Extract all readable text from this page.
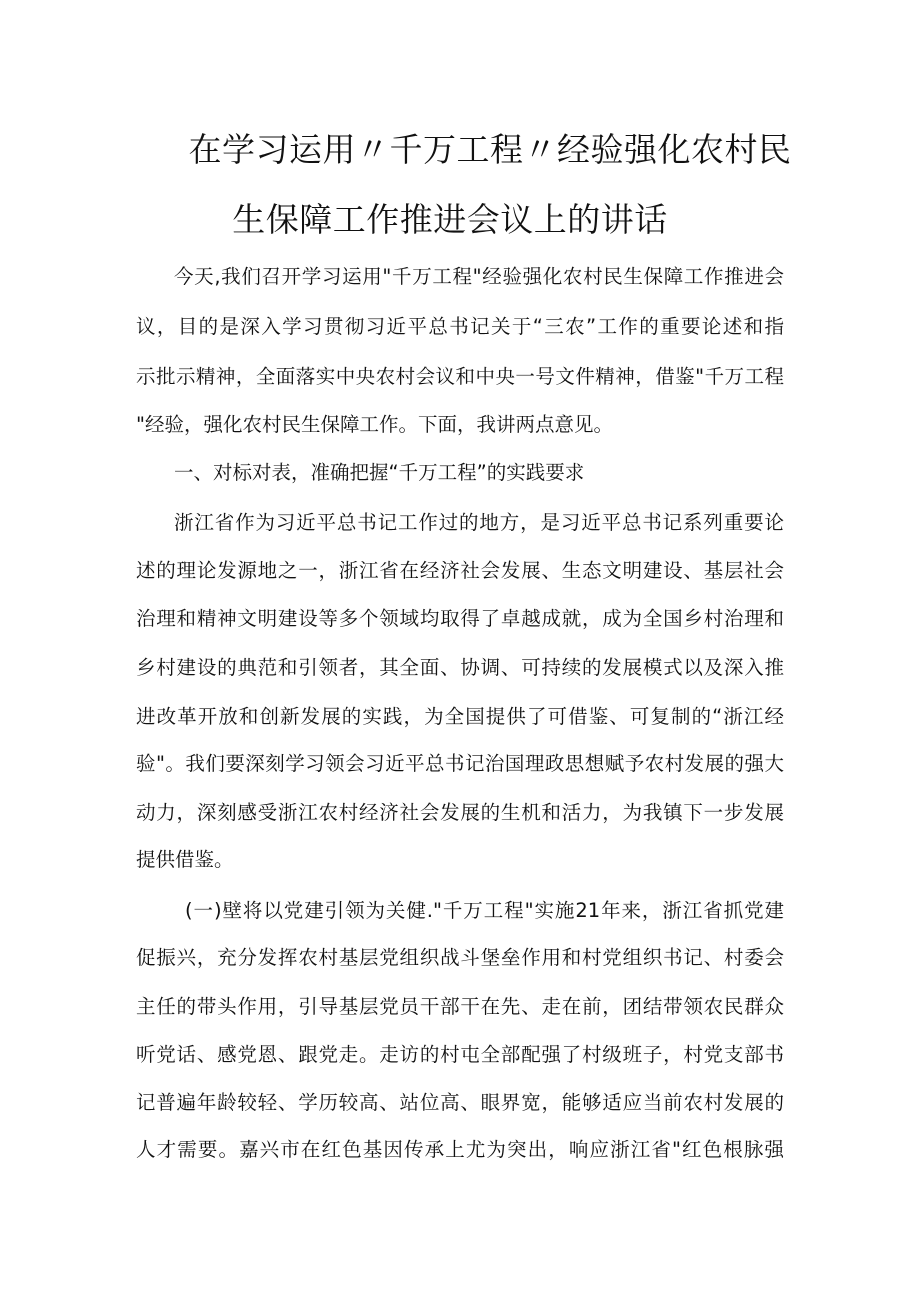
在学习运用〃千万工程〃经验强化农村民
生保障工作推进会议上的讲话
今天,我们召开学习运用"千万工程"经验强化农村民生保障工作推进会
议，目的是深入学习贯彻习近平总书记关于“三农”工作的重要论述和指
示批示精神，全面落实中央农村会议和中央一号文件精神，借鉴"千万工程
"经验，强化农村民生保障工作。下面，我讲两点意见。
一、对标对表，准确把握“千万工程”的实践要求
浙江省作为习近平总书记工作过的地方，是习近平总书记系列重要论
述的理论发源地之一，浙江省在经济社会发展、生态文明建设、基层社会
治理和精神文明建设等多个领域均取得了卓越成就，成为全国乡村治理和
乡村建设的典范和引领者，其全面、协调、可持续的发展模式以及深入推
进改革开放和创新发展的实践，为全国提供了可借鉴、可复制的“浙江经
验"。我们要深刻学习领会习近平总书记治国理政思想赋予农村发展的强大
动力，深刻感受浙江农村经济社会发展的生机和活力，为我镇下一步发展
提供借鉴。
(一)壁将以党建引领为关健."千万工程"实施21年来，浙江省抓党建
促振兴，充分发挥农村基层党组织战斗堡垒作用和村党组织书记、村委会
主任的带头作用，引导基层党员干部干在先、走在前，团结带领农民群众
听党话、感党恩、跟党走。走访的村屯全部配强了村级班子，村党支部书
记普遍年龄较轻、学历较高、站位高、眼界宽，能够适应当前农村发展的
人才需要。嘉兴市在红色基因传承上尤为突出，响应浙江省"红色根脉强
